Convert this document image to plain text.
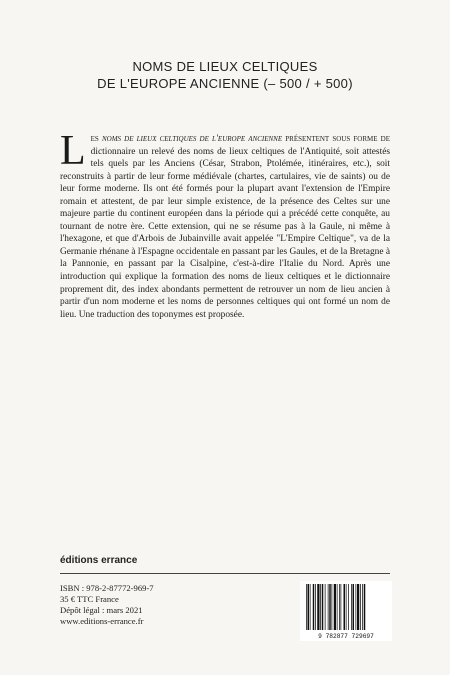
NOMS DE LIEUX CELTIQUES
DE L'EUROPE ANCIENNE (– 500 / + 500)
Les noms de lieux celtiques de l'europe ancienne présentent sous forme de dictionnaire un relevé des noms de lieux celtiques de l'Antiquité, soit attestés tels quels par les Anciens (César, Strabon, Ptolémée, itinéraires, etc.), soit reconstruits à partir de leur forme médiévale (chartes, cartulaires, vie de saints) ou de leur forme moderne. Ils ont été formés pour la plupart avant l'extension de l'Empire romain et attestent, de par leur simple existence, de la présence des Celtes sur une majeure partie du continent européen dans la période qui a précédé cette conquête, au tournant de notre ère. Cette extension, qui ne se résume pas à la Gaule, ni même à l'hexagone, et que d'Arbois de Jubainville avait appelée "L'Empire Celtique", va de la Germanie rhénane à l'Espagne occidentale en passant par les Gaules, et de la Bretagne à la Pannonie, en passant par la Cisalpine, c'est-à-dire l'Italie du Nord. Après une introduction qui explique la formation des noms de lieux celtiques et le dictionnaire proprement dit, des index abondants permettent de retrouver un nom de lieu ancien à partir d'un nom moderne et les noms de personnes celtiques qui ont formé un nom de lieu. Une traduction des toponymes est proposée.
éditions errance
ISBN : 978-2-87772-969-7
35 € TTC France
Dépôt légal : mars 2021
www.editions-errance.fr
9 782877 729697
